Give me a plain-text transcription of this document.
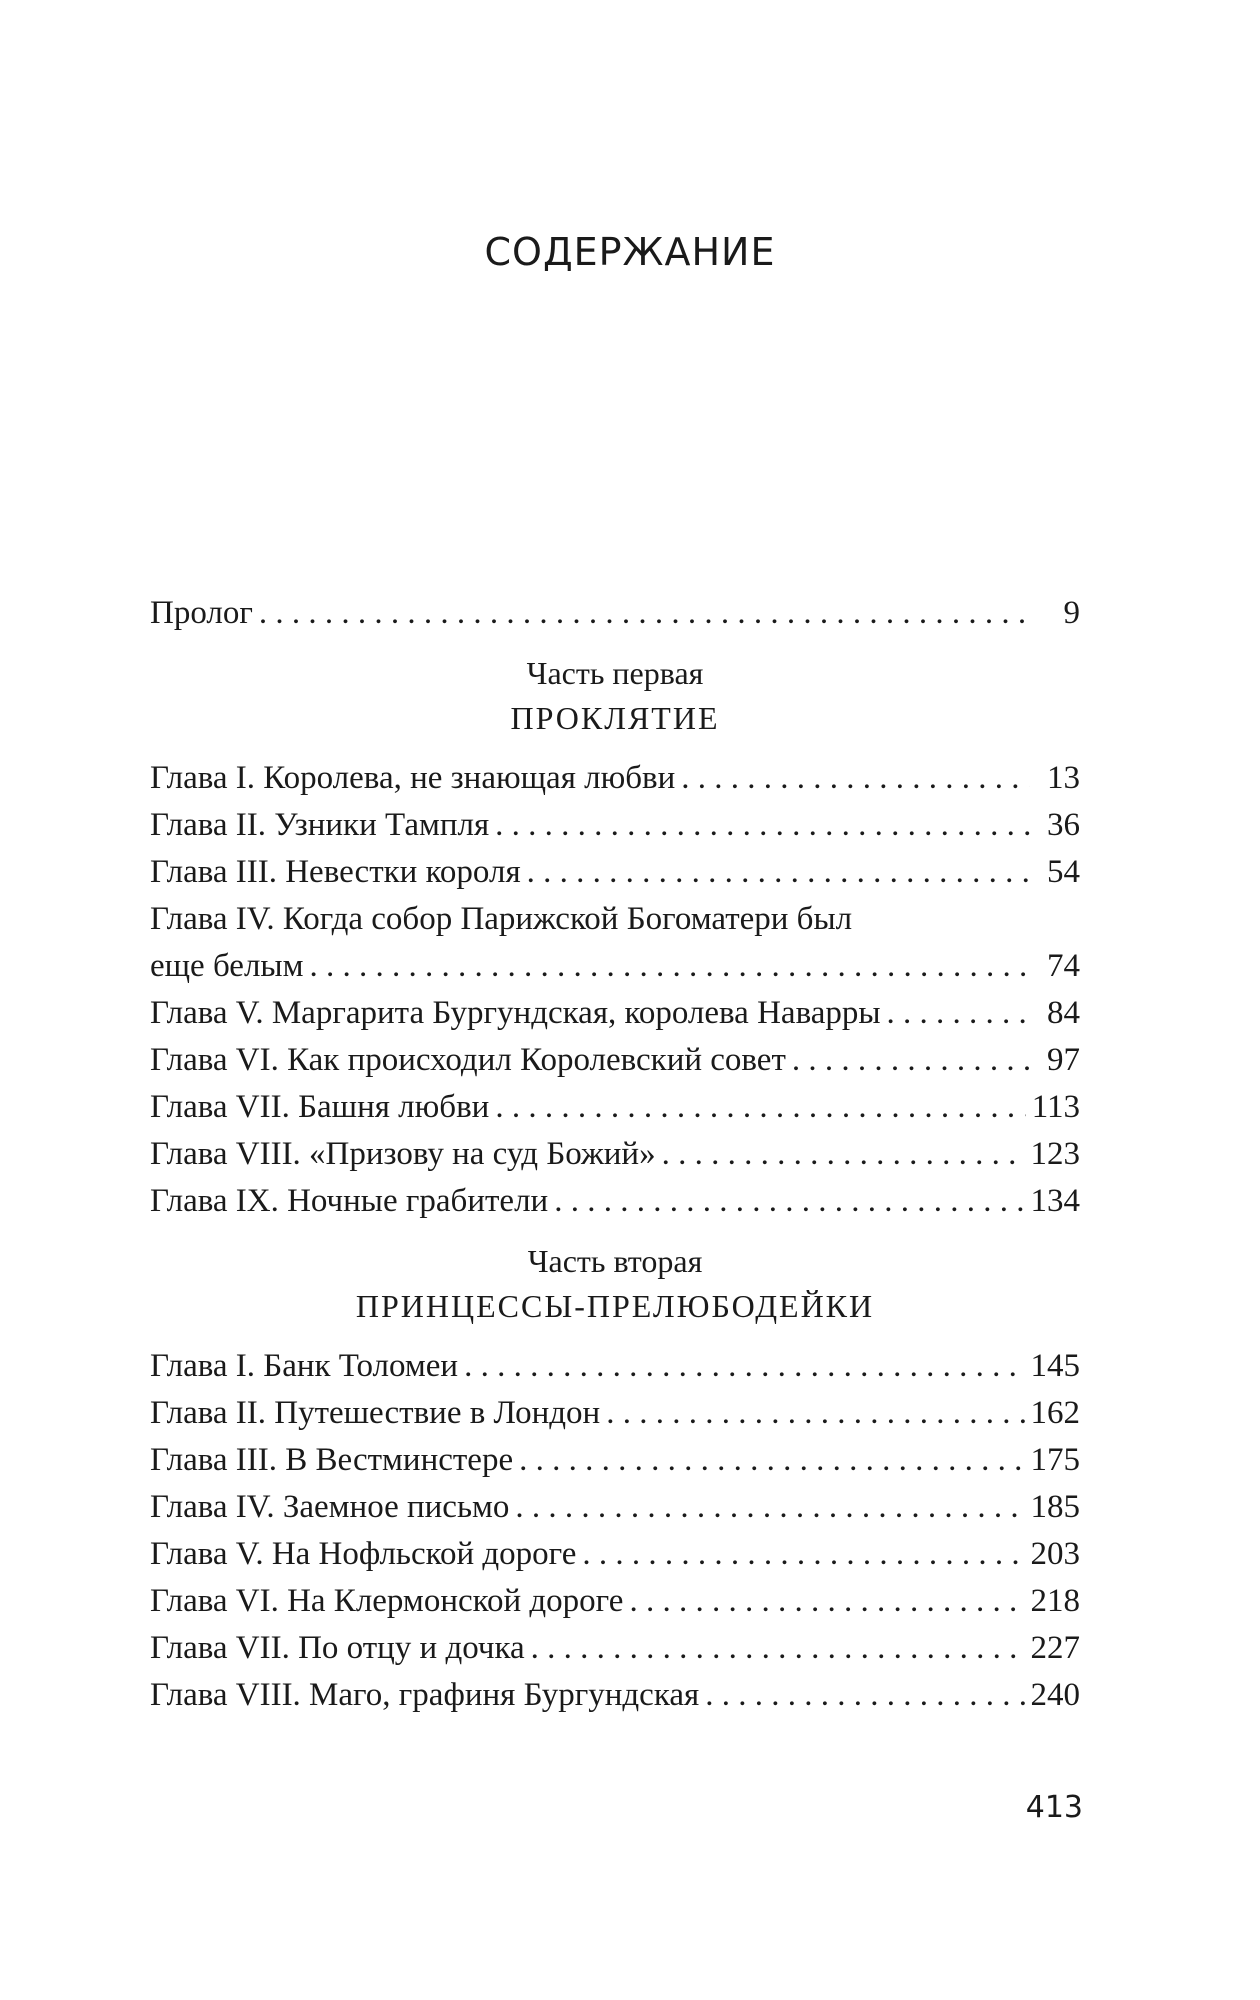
СОДЕРЖАНИЕ
Пролог . . .	9
Часть первая
ПРОКЛЯТИЕ
Глава I. Королева, не знающая любви . . .	13
Глава II. Узники Тампля . . .	36
Глава III. Невестки короля . . .	54
Глава IV. Когда собор Парижской Богоматери был
еще белым . . .	74
Глава V. Маргарита Бургундская, королева Наварры . . .	84
Глава VI. Как происходил Королевский совет . . .	97
Глава VII. Башня любви . . .	113
Глава VIII. «Призову на суд Божий» . . .	123
Глава IX. Ночные грабители . . .	134
Часть вторая
ПРИНЦЕССЫ-ПРЕЛЮБОДЕЙКИ
Глава I. Банк Толомеи . . .	145
Глава II. Путешествие в Лондон . . .	162
Глава III. В Вестминстере . . .	175
Глава IV. Заемное письмо . . .	185
Глава V. На Нофльской дороге . . .	203
Глава VI. На Клермонской дороге . . .	218
Глава VII. По отцу и дочка . . .	227
Глава VIII. Маго, графиня Бургундская . . .	240
413
